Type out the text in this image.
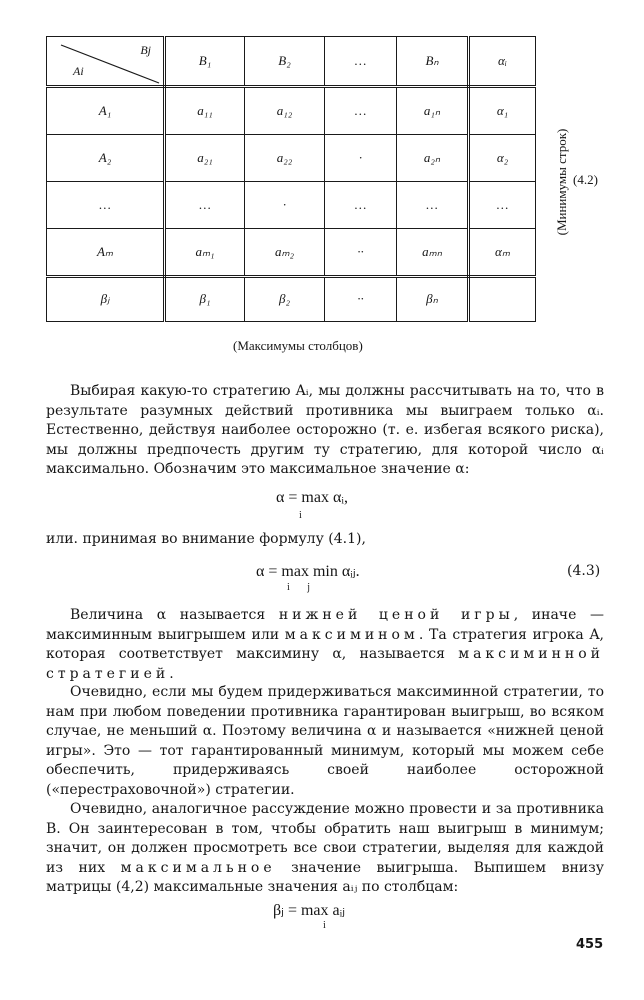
Bj
Ai	B₁	B₂	…	Bₙ	αᵢ
A₁	a₁₁	a₁₂	…	a₁ₙ	α₁
A₂	a₂₁	a₂₂	·	a₂ₙ	α₂
…	…	·	…	…	…
Aₘ	aₘ₁	aₘ₂	··	aₘₙ	αₘ
βⱼ	β₁	β₂	··	βₙ	
(Минимумы строк) (4.2)
(Максимумы столбцов)

Выбирая какую-то стратегию Aᵢ, мы должны рассчитывать на то, что в результате разумных действий противника мы выиграем только αᵢ. Естественно, действуя наиболее осторожно (т. е. избегая всякого риска), мы должны предпочесть другим ту стратегию, для которой число αᵢ максимально. Обозначим это максимальное значение α:

α = max αᵢ,
i

или. принимая во внимание формулу (4.1),

α = max min αᵢⱼ.
i       j
(4.3)

Величина α называется нижней ценой игры, иначе — максиминным выигрышем или максимином. Та стратегия игрока A, которая соответствует максимину α, называется максиминной стратегией.

Очевидно, если мы будем придерживаться максиминной стратегии, то нам при любом поведении противника гарантирован выигрыш, во всяком случае, не меньший α. Поэтому величина α и называется «нижней ценой игры». Это — тот гарантированный минимум, который мы можем себе обеспечить, придерживаясь своей наиболее осторожной («перестраховочной») стратегии.

Очевидно, аналогичное рассуждение можно провести и за противника B. Он заинтересован в том, чтобы обратить наш выигрыш в минимум; значит, он должен просмотреть все свои стратегии, выделяя для каждой из них максимальное значение выигрыша. Выпишем внизу матрицы (4,2) максимальные значения aᵢⱼ по столбцам:

βⱼ = max aᵢⱼ
i
455
